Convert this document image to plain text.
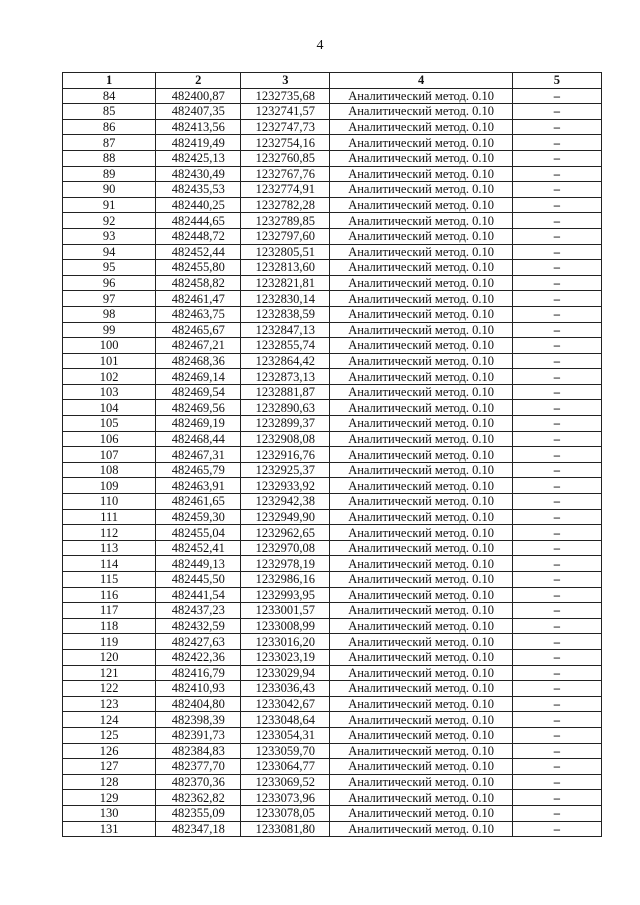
4
1	2	3	4	5
84	482400,87	1232735,68	Аналитический метод. 0.10	–
85	482407,35	1232741,57	Аналитический метод. 0.10	–
86	482413,56	1232747,73	Аналитический метод. 0.10	–
87	482419,49	1232754,16	Аналитический метод. 0.10	–
88	482425,13	1232760,85	Аналитический метод. 0.10	–
89	482430,49	1232767,76	Аналитический метод. 0.10	–
90	482435,53	1232774,91	Аналитический метод. 0.10	–
91	482440,25	1232782,28	Аналитический метод. 0.10	–
92	482444,65	1232789,85	Аналитический метод. 0.10	–
93	482448,72	1232797,60	Аналитический метод. 0.10	–
94	482452,44	1232805,51	Аналитический метод. 0.10	–
95	482455,80	1232813,60	Аналитический метод. 0.10	–
96	482458,82	1232821,81	Аналитический метод. 0.10	–
97	482461,47	1232830,14	Аналитический метод. 0.10	–
98	482463,75	1232838,59	Аналитический метод. 0.10	–
99	482465,67	1232847,13	Аналитический метод. 0.10	–
100	482467,21	1232855,74	Аналитический метод. 0.10	–
101	482468,36	1232864,42	Аналитический метод. 0.10	–
102	482469,14	1232873,13	Аналитический метод. 0.10	–
103	482469,54	1232881,87	Аналитический метод. 0.10	–
104	482469,56	1232890,63	Аналитический метод. 0.10	–
105	482469,19	1232899,37	Аналитический метод. 0.10	–
106	482468,44	1232908,08	Аналитический метод. 0.10	–
107	482467,31	1232916,76	Аналитический метод. 0.10	–
108	482465,79	1232925,37	Аналитический метод. 0.10	–
109	482463,91	1232933,92	Аналитический метод. 0.10	–
110	482461,65	1232942,38	Аналитический метод. 0.10	–
111	482459,30	1232949,90	Аналитический метод. 0.10	–
112	482455,04	1232962,65	Аналитический метод. 0.10	–
113	482452,41	1232970,08	Аналитический метод. 0.10	–
114	482449,13	1232978,19	Аналитический метод. 0.10	–
115	482445,50	1232986,16	Аналитический метод. 0.10	–
116	482441,54	1232993,95	Аналитический метод. 0.10	–
117	482437,23	1233001,57	Аналитический метод. 0.10	–
118	482432,59	1233008,99	Аналитический метод. 0.10	–
119	482427,63	1233016,20	Аналитический метод. 0.10	–
120	482422,36	1233023,19	Аналитический метод. 0.10	–
121	482416,79	1233029,94	Аналитический метод. 0.10	–
122	482410,93	1233036,43	Аналитический метод. 0.10	–
123	482404,80	1233042,67	Аналитический метод. 0.10	–
124	482398,39	1233048,64	Аналитический метод. 0.10	–
125	482391,73	1233054,31	Аналитический метод. 0.10	–
126	482384,83	1233059,70	Аналитический метод. 0.10	–
127	482377,70	1233064,77	Аналитический метод. 0.10	–
128	482370,36	1233069,52	Аналитический метод. 0.10	–
129	482362,82	1233073,96	Аналитический метод. 0.10	–
130	482355,09	1233078,05	Аналитический метод. 0.10	–
131	482347,18	1233081,80	Аналитический метод. 0.10	–
